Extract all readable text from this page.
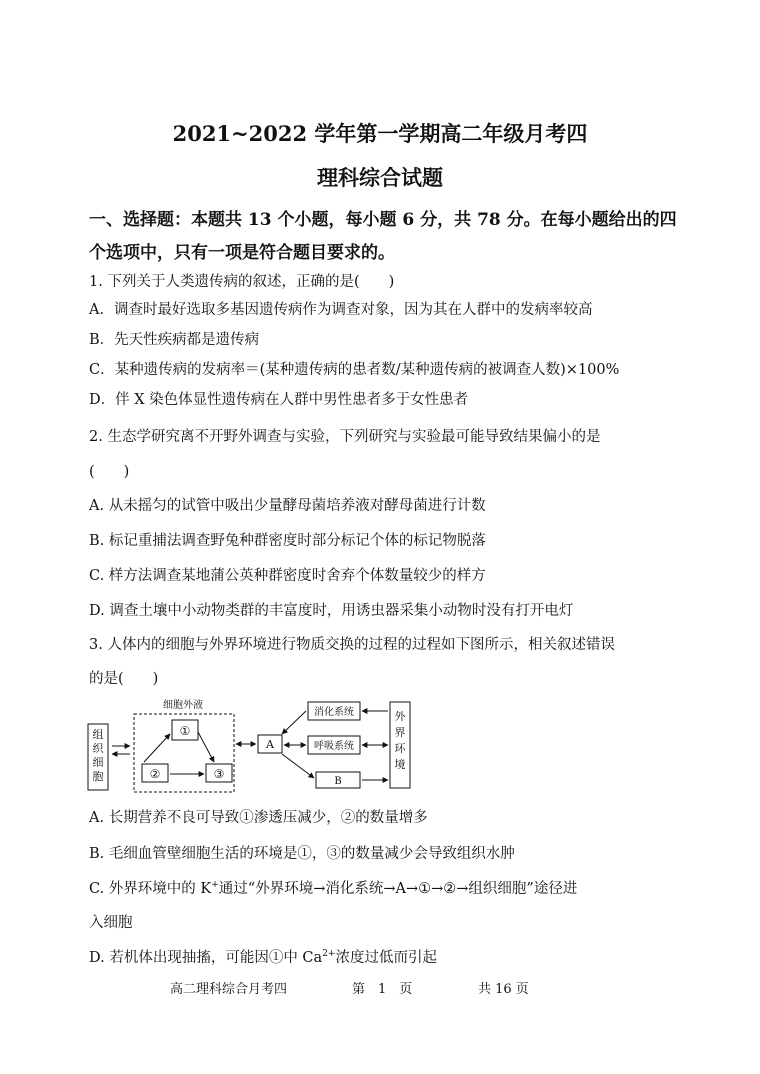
2021~2022 学年第一学期高二年级月考四
理科综合试题
一、选择题：本题共 13 个小题，每小题 6 分，共 78 分。在每小题给出的四
个选项中，只有一项是符合题目要求的。
1. 下列关于人类遗传病的叙述，正确的是(　　)
A．调查时最好选取多基因遗传病作为调查对象，因为其在人群中的发病率较高
B．先天性疾病都是遗传病
C．某种遗传病的发病率＝(某种遗传病的患者数/某种遗传病的被调查人数)×100%
D．伴 X 染色体显性遗传病在人群中男性患者多于女性患者
2. 生态学研究离不开野外调查与实验，下列研究与实验最可能导致结果偏小的是
(　　)
A. 从未摇匀的试管中吸出少量酵母菌培养液对酵母菌进行计数
B. 标记重捕法调查野兔种群密度时部分标记个体的标记物脱落
C. 样方法调查某地蒲公英种群密度时舍弃个体数量较少的样方
D. 调查土壤中小动物类群的丰富度时，用诱虫器采集小动物时没有打开电灯
3. 人体内的细胞与外界环境进行物质交换的过程的过程如下图所示，相关叙述错误
的是(　　)
组
织
细
胞
细胞外液
①
②	③
A
消化系统
呼吸系统
B
外
界
环
境
A. 长期营养不良可导致①渗透压减少，②的数量增多
B. 毛细血管壁细胞生活的环境是①，③的数量减少会导致组织水肿
C. 外界环境中的 K+通过“外界环境→消化系统→A→①→②→组织细胞”途径进
入细胞
D. 若机体出现抽搐，可能因①中 $Ca^{2+}$浓度过低而引起
高二理科综合月考四	第　1　页	共 16 页
